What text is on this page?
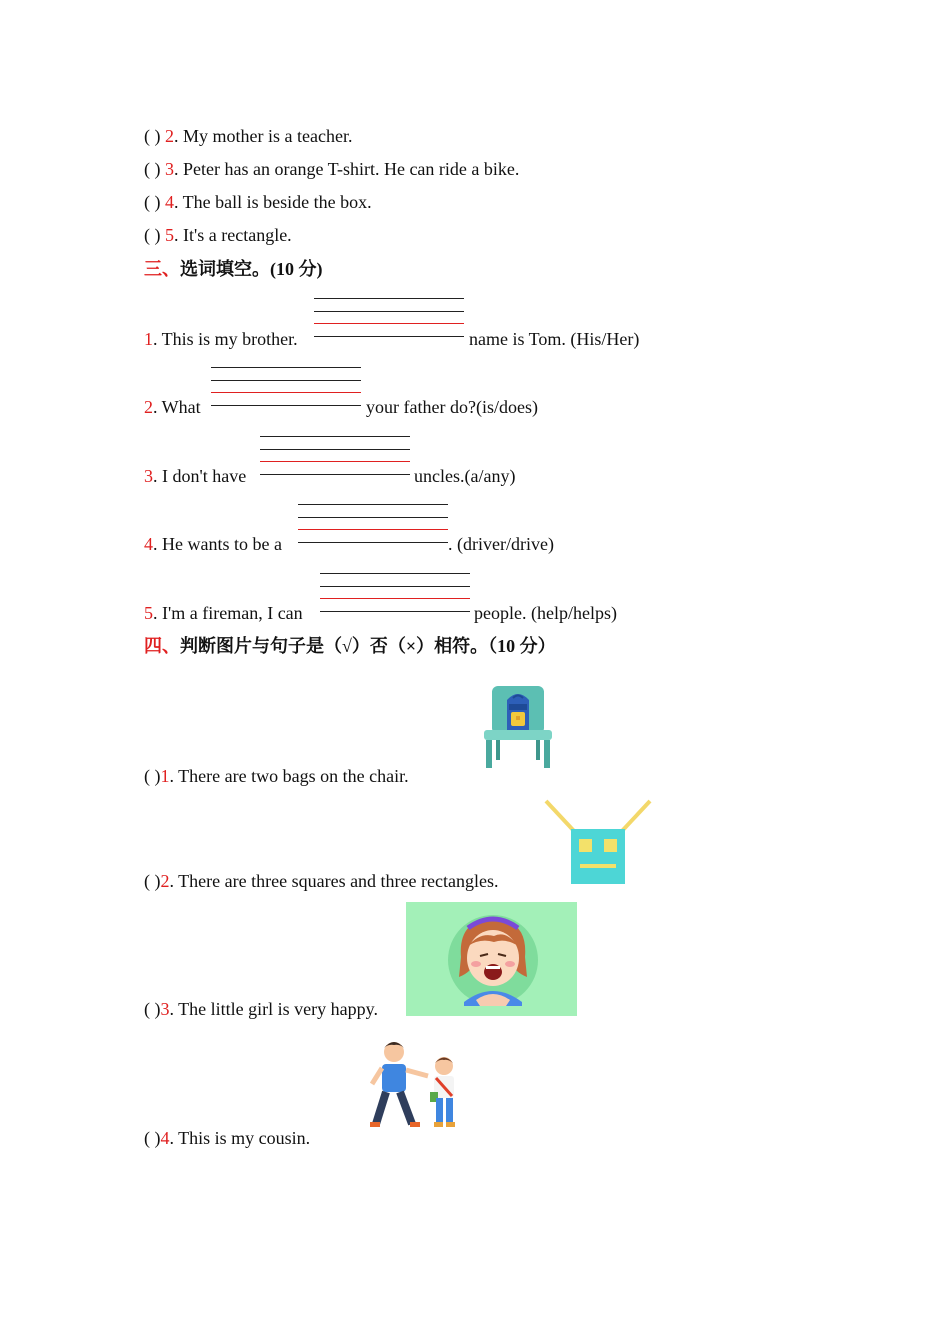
( ) 2. My mother is a teacher.
( ) 3. Peter has an orange T-shirt. He can ride a bike.
( ) 4. The ball is beside the box.
( ) 5. It's a rectangle.
三、选词填空。(10 分)
1. This is my brother.	name is Tom. (His/Her)
2. What	your father do?(is/does)
3. I don't have	uncles.(a/any)
4. He wants to be a	. (driver/drive)
5. I'm a fireman, I can	people. (help/helps)
四、判断图片与句子是（√）否（×）相符。（10 分）
( )1. There are two bags on the chair.
( )2. There are three squares and three rectangles.
( )3. The little girl is very happy.
( )4. This is my cousin.
